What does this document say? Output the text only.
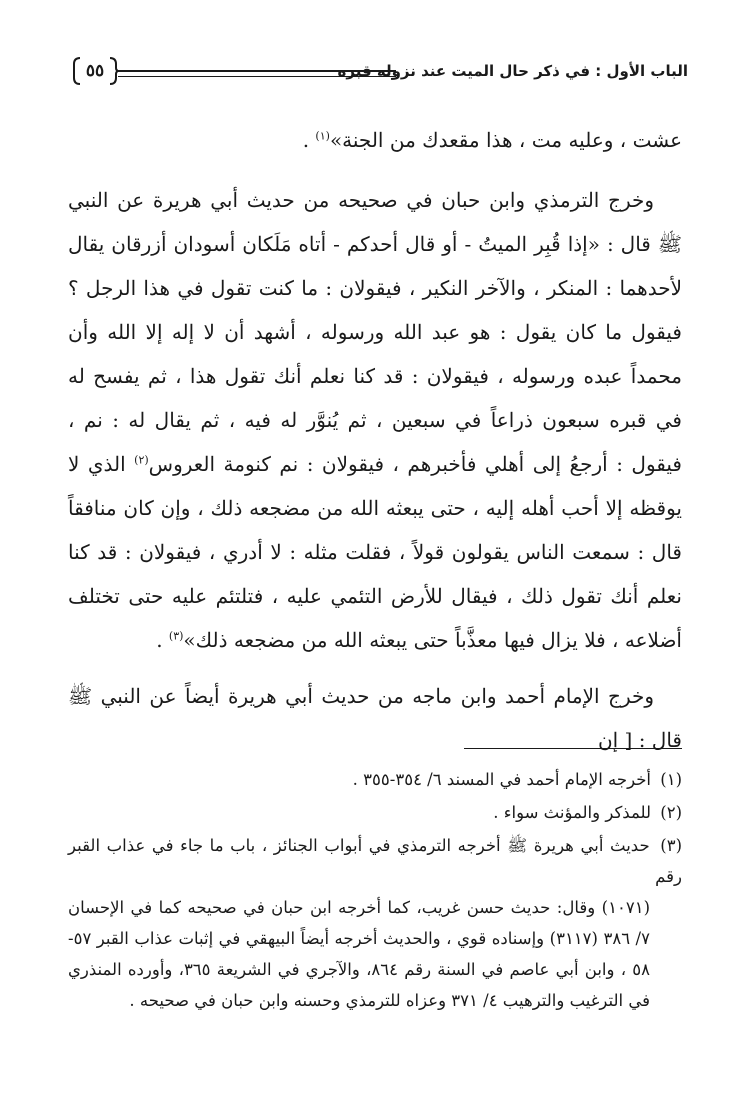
الباب الأول : في ذكر حال الميت عند نزوله قبره
٥٥

عشت ، وعليه مت ، هذا مقعدك من الجنة»$^{(١)}$ .

وخرج الترمذي وابن حبان في صحيحه من حديث أبي هريرة عن النبي ﷺ قال : «إذا قُبِر الميتُ - أو قال أحدكم - أتاه مَلَكان أسودان أزرقان يقال لأحدهما : المنكر ، والآخر النكير ، فيقولان : ما كنت تقول في هذا الرجل ؟ فيقول ما كان يقول : هو عبد الله ورسوله ، أشهد أن لا إله إلا الله وأن محمداً عبده ورسوله ، فيقولان : قد كنا نعلم أنك تقول هذا ، ثم يفسح له في قبره سبعون ذراعاً في سبعين ، ثم يُنوَّر له فيه ، ثم يقال له : نم ، فيقول : أرجعُ إلى أهلي فأخبرهم ، فيقولان : نم كنومة العروس$^{(٢)}$ الذي لا يوقظه إلا أحب أهله إليه ، حتى يبعثه الله من مضجعه ذلك ، وإن كان منافقاً قال : سمعت الناس يقولون قولاً ، فقلت مثله : لا أدري ، فيقولان : قد كنا نعلم أنك تقول ذلك ، فيقال للأرض التئمي عليه ، فتلتئم عليه حتى تختلف أضلاعه ، فلا يزال فيها معذَّباً حتى يبعثه الله من مضجعه ذلك»$^{(٣)}$ .

وخرج الإمام أحمد وابن ماجه من حديث أبي هريرة أيضاً عن النبي ﷺ قال : [ إن

(١) أخرجه الإمام أحمد في المسند ٦/ ٣٥٤-٣٥٥ .

(٢) للمذكر والمؤنث سواء .

(٣) حديث أبي هريرة ﷺ أخرجه الترمذي في أبواب الجنائز ، باب ما جاء في عذاب القبر رقم
(١٠٧١) وقال: حديث حسن غريب، كما أخرجه ابن حبان في صحيحه كما في الإحسان ٧/ ٣٨٦ (٣١١٧) وإسناده قوي ، والحديث أخرجه أيضاً البيهقي في إثبات عذاب القبر ٥٧- ٥٨ ، وابن أبي عاصم في السنة رقم ٨٦٤، والآجري في الشريعة ٣٦٥، وأورده المنذري في الترغيب والترهيب ٤/ ٣٧١ وعزاه للترمذي وحسنه وابن حبان في صحيحه .
